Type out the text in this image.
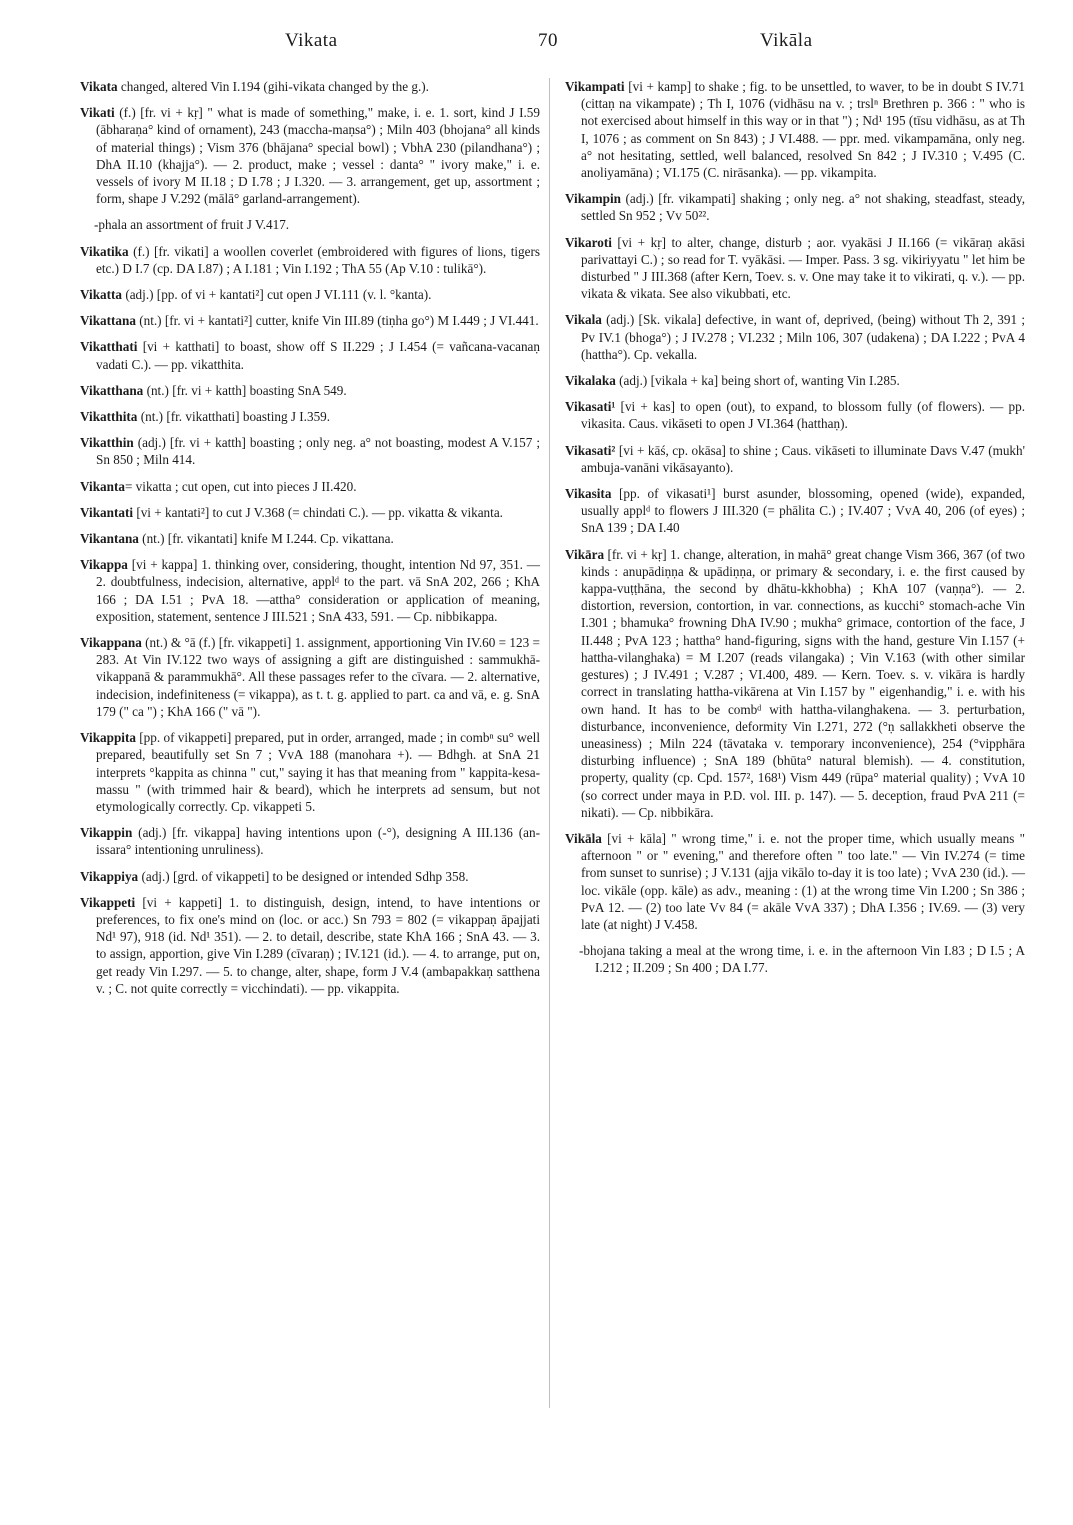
Vikata	70	Vikāla

Vikata changed, altered Vin I.194 (gihi-vikata changed by the g.).

Vikati (f.) [fr. vi + kṛ] " what is made of something," make, i. e. 1. sort, kind J I.59 (ābharaṇa° kind of ornament), 243 (maccha-maṇsa°) ; Miln 403 (bhojana° all kinds of material things) ; Vism 376 (bhājana° special bowl) ; VbhA 230 (pilandhana°) ; DhA II.10 (khajja°). — 2. product, make ; vessel : danta° " ivory make," i. e. vessels of ivory M II.18 ; D I.78 ; J I.320. — 3. arrangement, get up, assortment ; form, shape J V.292 (mālā° garland-arrangement).

-phala an assortment of fruit J V.417.

Vikatika (f.) [fr. vikati] a woollen coverlet (embroidered with figures of lions, tigers etc.) D I.7 (cp. DA I.87) ; A I.181 ; Vin I.192 ; ThA 55 (Ap V.10 : tulikā°).

Vikatta (adj.) [pp. of vi + kantati²] cut open J VI.111 (v. l. °kanta).

Vikattana (nt.) [fr. vi + kantati²] cutter, knife Vin III.89 (tiṇha go°) M I.449 ; J VI.441.

Vikatthati [vi + katthati] to boast, show off S II.229 ; J I.454 (= vañcana-vacanaṇ vadati C.). — pp. vikatthita.

Vikatthana (nt.) [fr. vi + katth] boasting SnA 549.

Vikatthita (nt.) [fr. vikatthati] boasting J I.359.

Vikatthin (adj.) [fr. vi + katth] boasting ; only neg. a° not boasting, modest A V.157 ; Sn 850 ; Miln 414.

Vikanta= vikatta ; cut open, cut into pieces J II.420.

Vikantati [vi + kantati²] to cut J V.368 (= chindati C.). — pp. vikatta & vikanta.

Vikantana (nt.) [fr. vikantati] knife M I.244. Cp. vikattana.

Vikappa [vi + kappa] 1. thinking over, considering, thought, intention Nd 97, 351. — 2. doubtfulness, indecision, alternative, applᵈ to the part. vā SnA 202, 266 ; KhA 166 ; DA I.51 ; PvA 18. —attha° consideration or application of meaning, exposition, statement, sentence J III.521 ; SnA 433, 591. — Cp. nibbikappa.

Vikappana (nt.) & °ā (f.) [fr. vikappeti] 1. assignment, apportioning Vin IV.60 = 123 = 283. At Vin IV.122 two ways of assigning a gift are distinguished : sammukhā-vikappanā & parammukhā°. All these passages refer to the cīvara. — 2. alternative, indecision, indefiniteness (= vikappa), as t. t. g. applied to part. ca and vā, e. g. SnA 179 (" ca ") ; KhA 166 (" vā ").

Vikappita [pp. of vikappeti] prepared, put in order, arranged, made ; in combⁿ su° well prepared, beautifully set Sn 7 ; VvA 188 (manohara +). — Bdhgh. at SnA 21 interprets °kappita as chinna " cut," saying it has that meaning from " kappita-kesa-massu " (with trimmed hair & beard), which he interprets ad sensum, but not etymologically correctly. Cp. vikappeti 5.

Vikappin (adj.) [fr. vikappa] having intentions upon (-°), designing A III.136 (an-issara° intentioning unruliness).

Vikappiya (adj.) [grd. of vikappeti] to be designed or intended Sdhp 358.

Vikappeti [vi + kappeti] 1. to distinguish, design, intend, to have intentions or preferences, to fix one's mind on (loc. or acc.) Sn 793 = 802 (= vikappaṇ āpajjati Nd¹ 97), 918 (id. Nd¹ 351). — 2. to detail, describe, state KhA 166 ; SnA 43. — 3. to assign, apportion, give Vin I.289 (cīvaraṇ) ; IV.121 (id.). — 4. to arrange, put on, get ready Vin I.297. — 5. to change, alter, shape, form J V.4 (ambapakkaṇ satthena v. ; C. not quite correctly = vicchindati). — pp. vikappita.

Vikampati [vi + kamp] to shake ; fig. to be unsettled, to waver, to be in doubt S IV.71 (cittaṇ na vikampate) ; Th I, 1076 (vidhāsu na v. ; trslⁿ Brethren p. 366 : " who is not exercised about himself in this way or in that ") ; Nd¹ 195 (tīsu vidhāsu, as at Th I, 1076 ; as comment on Sn 843) ; J VI.488. — ppr. med. vikampamāna, only neg. a° not hesitating, settled, well balanced, resolved Sn 842 ; J IV.310 ; V.495 (C. anoliyamāna) ; VI.175 (C. nirāsanka). — pp. vikampita.

Vikampin (adj.) [fr. vikampati] shaking ; only neg. a° not shaking, steadfast, steady, settled Sn 952 ; Vv 50²².

Vikaroti [vi + kṛ] to alter, change, disturb ; aor. vyakāsi J II.166 (= vikāraṇ akāsi parivattayi C.) ; so read for T. vyākāsi. — Imper. Pass. 3 sg. vikiriyyatu " let him be disturbed " J III.368 (after Kern, Toev. s. v. One may take it to vikirati, q. v.). — pp. vikata & vikata. See also vikubbati, etc.

Vikala (adj.) [Sk. vikala] defective, in want of, deprived, (being) without Th 2, 391 ; Pv IV.1 (bhoga°) ; J IV.278 ; VI.232 ; Miln 106, 307 (udakena) ; DA I.222 ; PvA 4 (hattha°). Cp. vekalla.

Vikalaka (adj.) [vikala + ka] being short of, wanting Vin I.285.

Vikasati¹ [vi + kas] to open (out), to expand, to blossom fully (of flowers). — pp. vikasita. Caus. vikāseti to open J VI.364 (hatthaṇ).

Vikasati² [vi + kāś, cp. okāsa] to shine ; Caus. vikāseti to illuminate Davs V.47 (mukh' ambuja-vanāni vikāsayanto).

Vikasita [pp. of vikasati¹] burst asunder, blossoming, opened (wide), expanded, usually applᵈ to flowers J III.320 (= phālita C.) ; IV.407 ; VvA 40, 206 (of eyes) ; SnA 139 ; DA I.40

Vikāra [fr. vi + kṛ] 1. change, alteration, in mahā° great change Vism 366, 367 (of two kinds : anupādiṇṇa & upādiṇṇa, or primary & secondary, i. e. the first caused by kappa-vuṭṭhāna, the second by dhātu-kkhobha) ; KhA 107 (vaṇṇa°). — 2. distortion, reversion, contortion, in var. connections, as kucchi° stomach-ache Vin I.301 ; bhamuka° frowning DhA IV.90 ; mukha° grimace, contortion of the face, J II.448 ; PvA 123 ; hattha° hand-figuring, signs with the hand, gesture Vin I.157 (+ hattha-vilanghaka) = M I.207 (reads vilangaka) ; Vin V.163 (with other similar gestures) ; J IV.491 ; V.287 ; VI.400, 489. — Kern. Toev. s. v. vikāra is hardly correct in translating hattha-vikārena at Vin I.157 by " eigenhandig," i. e. with his own hand. It has to be combᵈ with hattha-vilanghakena. — 3. perturbation, disturbance, inconvenience, deformity Vin I.271, 272 (°ṇ sallakkheti observe the uneasiness) ; Miln 224 (tāvataka v. temporary inconvenience), 254 (°vipphāra disturbing influence) ; SnA 189 (bhūta° natural blemish). — 4. constitution, property, quality (cp. Cpd. 157², 168¹) Vism 449 (rūpa° material quality) ; VvA 10 (so correct under maya in P.D. vol. III. p. 147). — 5. deception, fraud PvA 211 (= nikati). — Cp. nibbikāra.

Vikāla [vi + kāla] " wrong time," i. e. not the proper time, which usually means " afternoon " or " evening," and therefore often " too late." — Vin IV.274 (= time from sunset to sunrise) ; J V.131 (ajja vikālo to-day it is too late) ; VvA 230 (id.). — loc. vikāle (opp. kāle) as adv., meaning : (1) at the wrong time Vin I.200 ; Sn 386 ; PvA 12. — (2) too late Vv 84 (= akāle VvA 337) ; DhA I.356 ; IV.69. — (3) very late (at night) J V.458.

-bhojana taking a meal at the wrong time, i. e. in the afternoon Vin I.83 ; D I.5 ; A I.212 ; II.209 ; Sn 400 ; DA I.77.
